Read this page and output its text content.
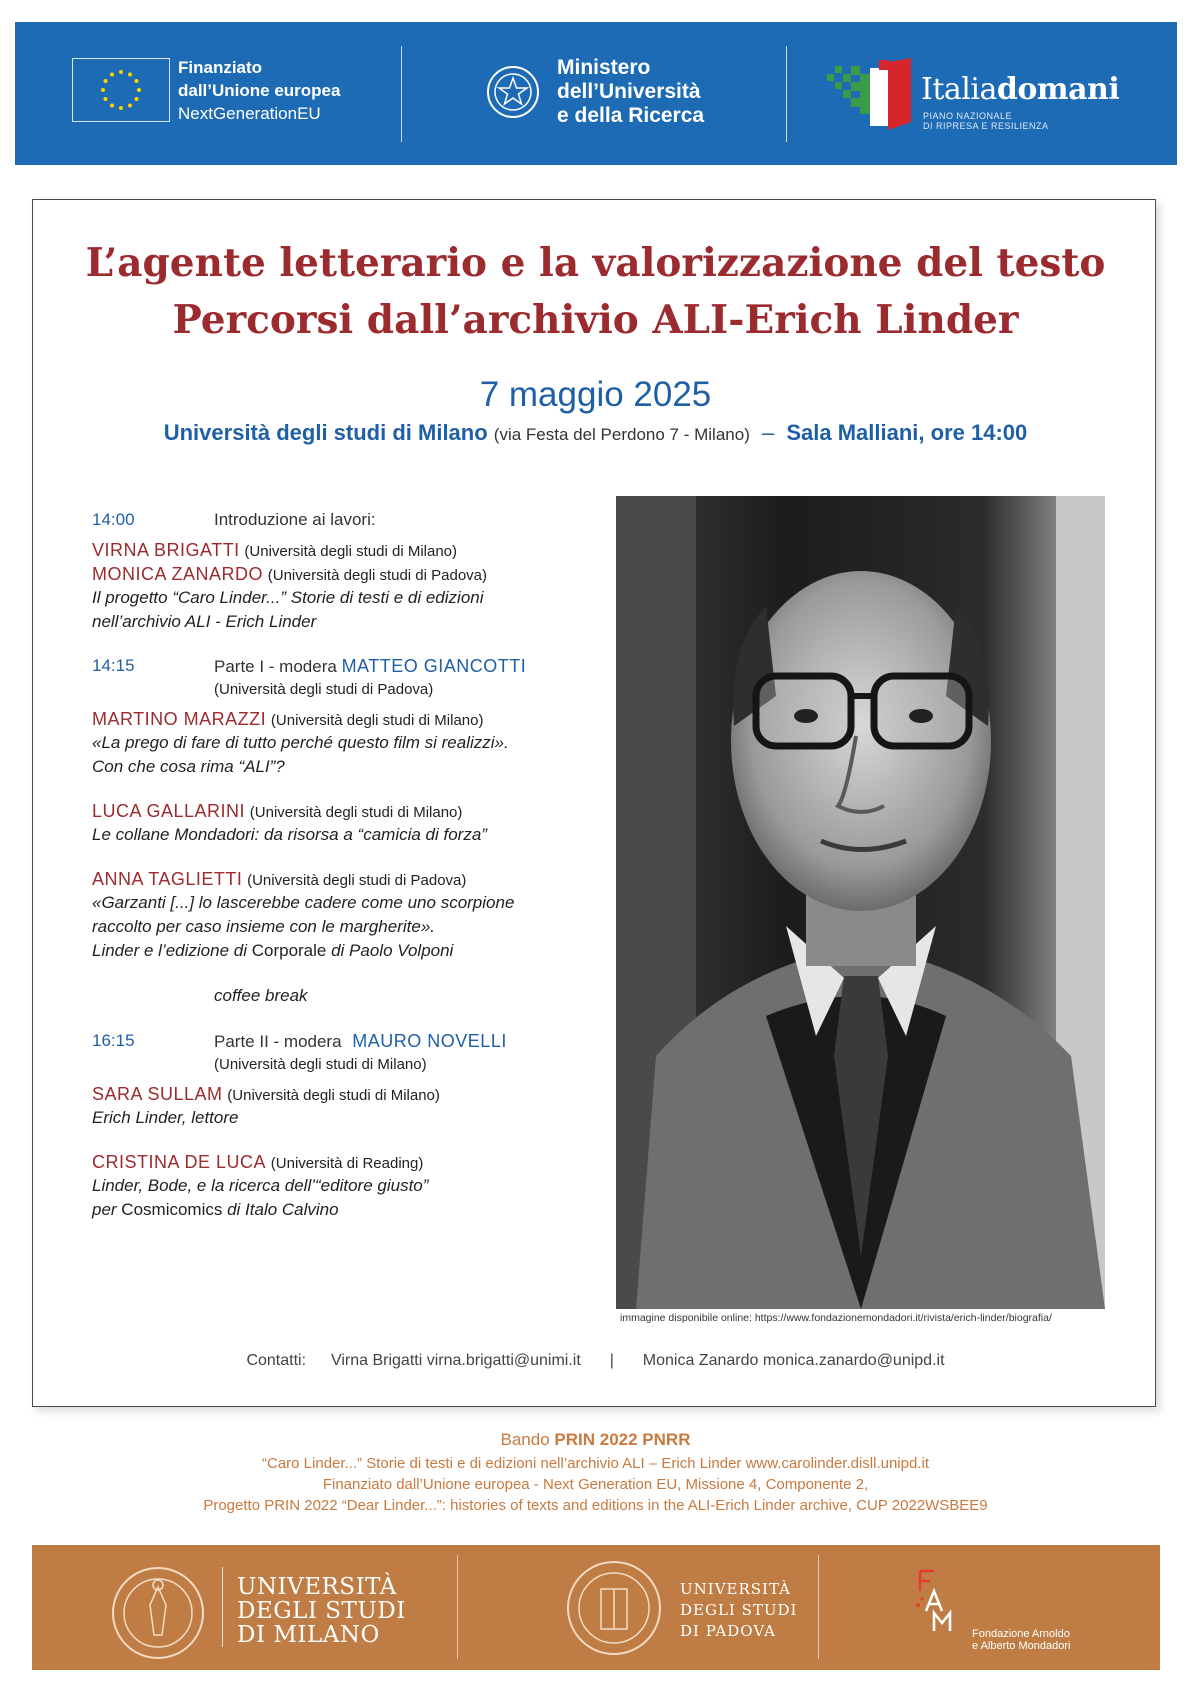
Finanziato
dall’Unione europea
NextGenerationEU
Ministero
dell’Università
e della Ricerca
Italiadomani
PIANO NAZIONALE
DI RIPRESA E RESILIENZA
L’agente letterario e la valorizzazione del testo
Percorsi dall’archivio ALI-Erich Linder
7 maggio 2025
Università degli studi di Milano (via Festa del Perdono 7 - Milano) – Sala Malliani, ore 14:00
14:00	Introduzione ai lavori:
VIRNA BRIGATTI (Università degli studi di Milano)
MONICA ZANARDO (Università degli studi di Padova)
Il progetto “Caro Linder...” Storie di testi e di edizioni
nell’archivio ALI - Erich Linder
14:15	Parte I - modera MATTEO GIANCOTTI
(Università degli studi di Padova)
MARTINO MARAZZI (Università degli studi di Milano)
«La prego di fare di tutto perché questo film si realizzi».
Con che cosa rima “ALI”?
LUCA GALLARINI (Università degli studi di Milano)
Le collane Mondadori: da risorsa a “camicia di forza”
ANNA TAGLIETTI (Università degli studi di Padova)
«Garzanti [...] lo lascerebbe cadere come uno scorpione
raccolto per caso insieme con le margherite».
Linder e l’edizione di Corporale di Paolo Volponi
coffee break
16:15	Parte II - modera MAURO NOVELLI
(Università degli studi di Milano)
SARA SULLAM (Università degli studi di Milano)
Erich Linder, lettore
CRISTINA DE LUCA (Università di Reading)
Linder, Bode, e la ricerca dell’“editore giusto”
per Cosmicomics di Italo Calvino
immagine disponibile online: https://www.fondazionemondadori.it/rivista/erich-linder/biografia/
Contatti: Virna Brigatti virna.brigatti@unimi.it | Monica Zanardo monica.zanardo@unipd.it
Bando PRIN 2022 PNRR
“Caro Linder...” Storie di testi e di edizioni nell’archivio ALI – Erich Linder www.carolinder.disll.unipd.it
Finanziato dall’Unione europea - Next Generation EU, Missione 4, Componente 2,
Progetto PRIN 2022 “Dear Linder...”: histories of texts and editions in the ALI-Erich Linder archive, CUP 2022WSBEE9
UNIVERSITÀ
DEGLI STUDI
DI MILANO
UNIVERSITÀ
DEGLI STUDI
DI PADOVA	Fondazione Arnoldo
e Alberto Mondadori
